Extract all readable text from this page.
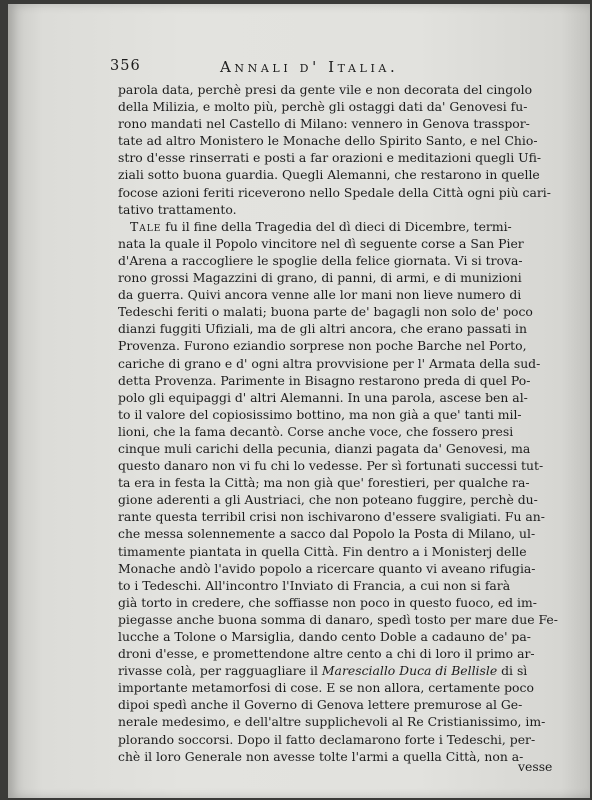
356	Annali d' Italia.
parola data, perchè presi da gente vile e non decorata del cingolo
della Milizia, e molto più, perchè gli ostaggi dati da' Genovesi fu-
rono mandati nel Castello di Milano: vennero in Genova trasspor-
tate ad altro Monistero le Monache dello Spirito Santo, e nel Chio-
stro d'esse rinserrati e posti a far orazioni e meditazioni quegli Ufi-
ziali sotto buona guardia. Quegli Alemanni, che restarono in quelle
focose azioni feriti riceverono nello Spedale della Città ogni più cari-
tativo trattamento.
Tale fu il fine della Tragedia del dì dieci di Dicembre, termi-
nata la quale il Popolo vincitore nel dì seguente corse a San Pier
d'Arena a raccogliere le spoglie della felice giornata. Vi si trova-
rono grossi Magazzini di grano, di panni, di armi, e di munizioni
da guerra. Quivi ancora venne alle lor mani non lieve numero di
Tedeschi feriti o malati; buona parte de' bagagli non solo de' poco
dianzi fuggiti Ufiziali, ma de gli altri ancora, che erano passati in
Provenza. Furono eziandio sorprese non poche Barche nel Porto,
cariche di grano e d' ogni altra provvisione per l' Armata della sud-
detta Provenza. Parimente in Bisagno restarono preda di quel Po-
polo gli equipaggi d' altri Alemanni. In una parola, ascese ben al-
to il valore del copiosissimo bottino, ma non già a que' tanti mil-
lioni, che la fama decantò. Corse anche voce, che fossero presi
cinque muli carichi della pecunia, dianzi pagata da' Genovesi, ma
questo danaro non vi fu chi lo vedesse. Per sì fortunati successi tut-
ta era in festa la Città; ma non già que' forestieri, per qualche ra-
gione aderenti a gli Austriaci, che non poteano fuggire, perchè du-
rante questa terribil crisi non ischivarono d'essere svaligiati. Fu an-
che messa solennemente a sacco dal Popolo la Posta di Milano, ul-
timamente piantata in quella Città. Fin dentro a i Monisterj delle
Monache andò l'avido popolo a ricercare quanto vi aveano rifugia-
to i Tedeschi. All'incontro l'Inviato di Francia, a cui non si farà
già torto in credere, che soffiasse non poco in questo fuoco, ed im-
piegasse anche buona somma di danaro, spedì tosto per mare due Fe-
lucche a Tolone o Marsiglia, dando cento Doble a cadauno de' pa-
droni d'esse, e promettendone altre cento a chi di loro il primo ar-
rivasse colà, per ragguagliare il Maresciallo Duca di Bellisle di sì
importante metamorfosi di cose. E se non allora, certamente poco
dipoi spedì anche il Governo di Genova lettere premurose al Ge-
nerale medesimo, e dell'altre supplichevoli al Re Cristianissimo, im-
plorando soccorsi. Dopo il fatto declamarono forte i Tedeschi, per-
chè il loro Generale non avesse tolte l'armi a quella Città, non a-
vesse
